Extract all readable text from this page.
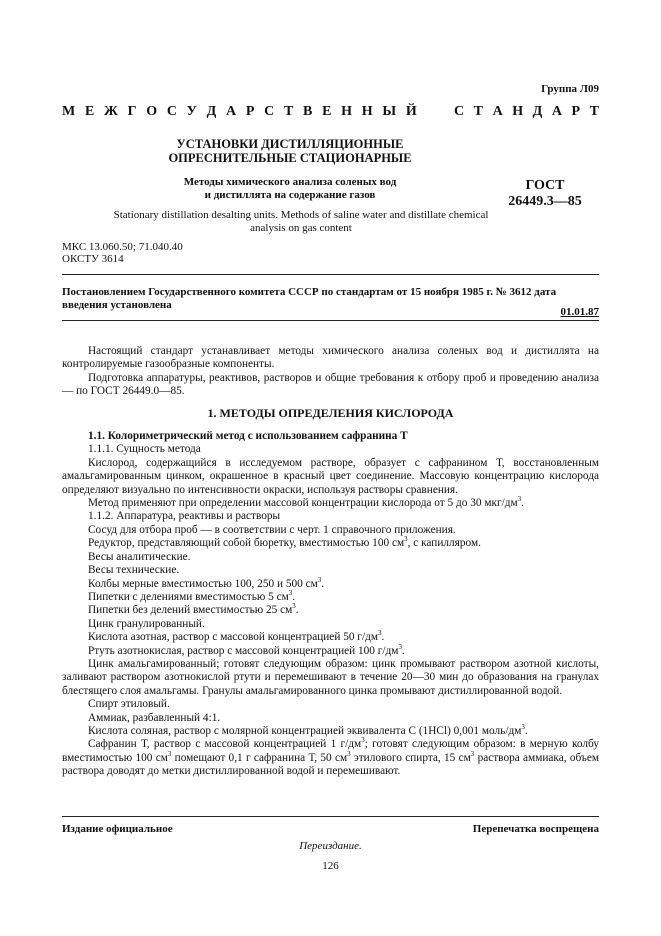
Группа Л09
М Е Ж Г О С У Д А Р С Т В Е Н Н Ы Й	С Т А Н Д А Р Т
УСТАНОВКИ ДИСТИЛЛЯЦИОННЫЕ
ОПРЕСНИТЕЛЬНЫЕ СТАЦИОНАРНЫЕ
Методы химического анализа соленых вод
и дистиллята на содержание газов
ГОСТ
26449.3—85
Stationary distillation desalting units. Methods of saline water and distillate chemical
analysis on gas content
МКС 13.060.50; 71.040.40
ОКСТУ 3614
Постановлением Государственного комитета СССР по стандартам от 15 ноября 1985 г. № 3612 дата введения установлена
01.01.87

Настоящий стандарт устанавливает методы химического анализа соленых вод и дистиллята на контролируемые газообразные компоненты.

Подготовка аппаратуры, реактивов, растворов и общие требования к отбору проб и проведению анализа — по ГОСТ 26449.0—85.

1. МЕТОДЫ ОПРЕДЕЛЕНИЯ КИСЛОРОДА

1.1. Колориметрический метод с использованием сафранина Т

1.1.1. Сущность метода

Кислород, содержащийся в исследуемом растворе, образует с сафранином Т, восстановленным амальгамированным цинком, окрашенное в красный цвет соединение. Массовую концентрацию кислорода определяют визуально по интенсивности окраски, используя растворы сравнения.

Метод применяют при определении массовой концентрации кислорода от 5 до 30 мкг/$дм^3$.

1.1.2. Аппаратура, реактивы и растворы

Сосуд для отбора проб — в соответствии с черт. 1 справочного приложения.

Редуктор, представляющий собой бюретку, вместимостью 100 $см^3$, с капилляром.

Весы аналитические.

Весы технические.

Колбы мерные вместимостью 100, 250 и 500 $см^3$.

Пипетки с делениями вместимостью 5 $см^3$.

Пипетки без делений вместимостью 25 $см^3$.

Цинк гранулированный.

Кислота азотная, раствор с массовой концентрацией 50 $г/дм^3$.

Ртуть азотнокислая, раствор с массовой концентрацией 100 $г/дм^3$.

Цинк амальгамированный; готовят следующим образом: цинк промывают раствором азотной кислоты, заливают раствором азотнокислой ртути и перемешивают в течение 20—30 мин до образования на гранулах блестящего слоя амальгамы. Гранулы амальгамированного цинка промывают дистиллированной водой.

Спирт этиловый.

Аммиак, разбавленный 4:1.

Кислота соляная, раствор с молярной концентрацией эквивалента С (1НCl) 0,001 моль/$дм^3$.

Сафранин Т, раствор с массовой концентрацией 1 $г/дм^3$; готовят следующим образом: в мерную колбу вместимостью 100 $см^3$ помещают 0,1 г сафранина Т, 50 $см^3$ этилового спирта, 15 $см^3$ раствора аммиака, объем раствора доводят до метки дистиллированной водой и перемешивают.

Издание официальное	Перепечатка воспрещена
Переиздание.
126
